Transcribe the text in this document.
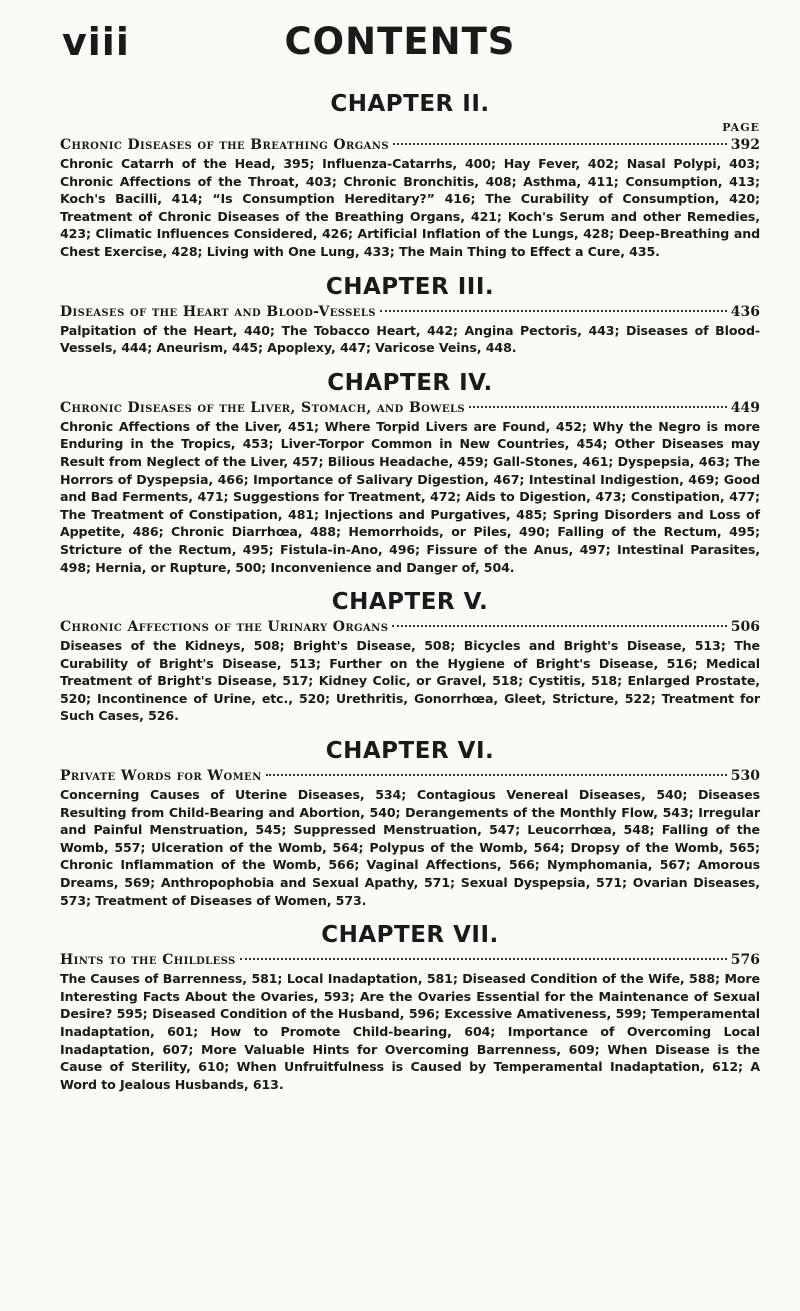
CONTENTS
viii
CHAPTER II.
PAGE
Chronic Diseases of the Breathing Organs	392

Chronic Catarrh of the Head, 395; Influenza-Catarrhs, 400; Hay Fever, 402; Nasal Polypi, 403; Chronic Affections of the Throat, 403; Chronic Bronchitis, 408; Asthma, 411; Consumption, 413; Koch's Bacilli, 414; “Is Consumption Hereditary?” 416; The Curability of Consumption, 420; Treatment of Chronic Diseases of the Breathing Organs, 421; Koch's Serum and other Remedies, 423; Climatic Influences Considered, 426; Artificial Inflation of the Lungs, 428; Deep-Breathing and Chest Exercise, 428; Living with One Lung, 433; The Main Thing to Effect a Cure, 435.

CHAPTER III.
Diseases of the Heart and Blood-Vessels	436

Palpitation of the Heart, 440; The Tobacco Heart, 442; Angina Pectoris, 443; Diseases of Blood-Vessels, 444; Aneurism, 445; Apoplexy, 447; Varicose Veins, 448.

CHAPTER IV.
Chronic Diseases of the Liver, Stomach, and Bowels	449

Chronic Affections of the Liver, 451; Where Torpid Livers are Found, 452; Why the Negro is more Enduring in the Tropics, 453; Liver-Torpor Common in New Countries, 454; Other Diseases may Result from Neglect of the Liver, 457; Bilious Headache, 459; Gall-Stones, 461; Dyspepsia, 463; The Horrors of Dyspepsia, 466; Importance of Salivary Digestion, 467; Intestinal Indigestion, 469; Good and Bad Ferments, 471; Suggestions for Treatment, 472; Aids to Digestion, 473; Constipation, 477; The Treatment of Constipation, 481; Injections and Purgatives, 485; Spring Disorders and Loss of Appetite, 486; Chronic Diarrhœa, 488; Hemorrhoids, or Piles, 490; Falling of the Rectum, 495; Stricture of the Rectum, 495; Fistula-in-Ano, 496; Fissure of the Anus, 497; Intestinal Parasites, 498; Hernia, or Rupture, 500; Inconvenience and Danger of, 504.

CHAPTER V.
Chronic Affections of the Urinary Organs	506

Diseases of the Kidneys, 508; Bright's Disease, 508; Bicycles and Bright's Disease, 513; The Curability of Bright's Disease, 513; Further on the Hygiene of Bright's Disease, 516; Medical Treatment of Bright's Disease, 517; Kidney Colic, or Gravel, 518; Cystitis, 518; Enlarged Prostate, 520; Incontinence of Urine, etc., 520; Urethritis, Gonorrhœa, Gleet, Stricture, 522; Treatment for Such Cases, 526.

CHAPTER VI.
Private Words for Women	530

Concerning Causes of Uterine Diseases, 534; Contagious Venereal Diseases, 540; Diseases Resulting from Child-Bearing and Abortion, 540; Derangements of the Monthly Flow, 543; Irregular and Painful Menstruation, 545; Suppressed Menstruation, 547; Leucorrhœa, 548; Falling of the Womb, 557; Ulceration of the Womb, 564; Polypus of the Womb, 564; Dropsy of the Womb, 565; Chronic Inflammation of the Womb, 566; Vaginal Affections, 566; Nymphomania, 567; Amorous Dreams, 569; Anthropophobia and Sexual Apathy, 571; Sexual Dyspepsia, 571; Ovarian Diseases, 573; Treatment of Diseases of Women, 573.

CHAPTER VII.
Hints to the Childless	576

The Causes of Barrenness, 581; Local Inadaptation, 581; Diseased Condition of the Wife, 588; More Interesting Facts About the Ovaries, 593; Are the Ovaries Essential for the Maintenance of Sexual Desire? 595; Diseased Condition of the Husband, 596; Excessive Amativeness, 599; Temperamental Inadaptation, 601; How to Promote Child-bearing, 604; Importance of Overcoming Local Inadaptation, 607; More Valuable Hints for Overcoming Barrenness, 609; When Disease is the Cause of Sterility, 610; When Unfruitfulness is Caused by Temperamental Inadaptation, 612; A Word to Jealous Husbands, 613.
